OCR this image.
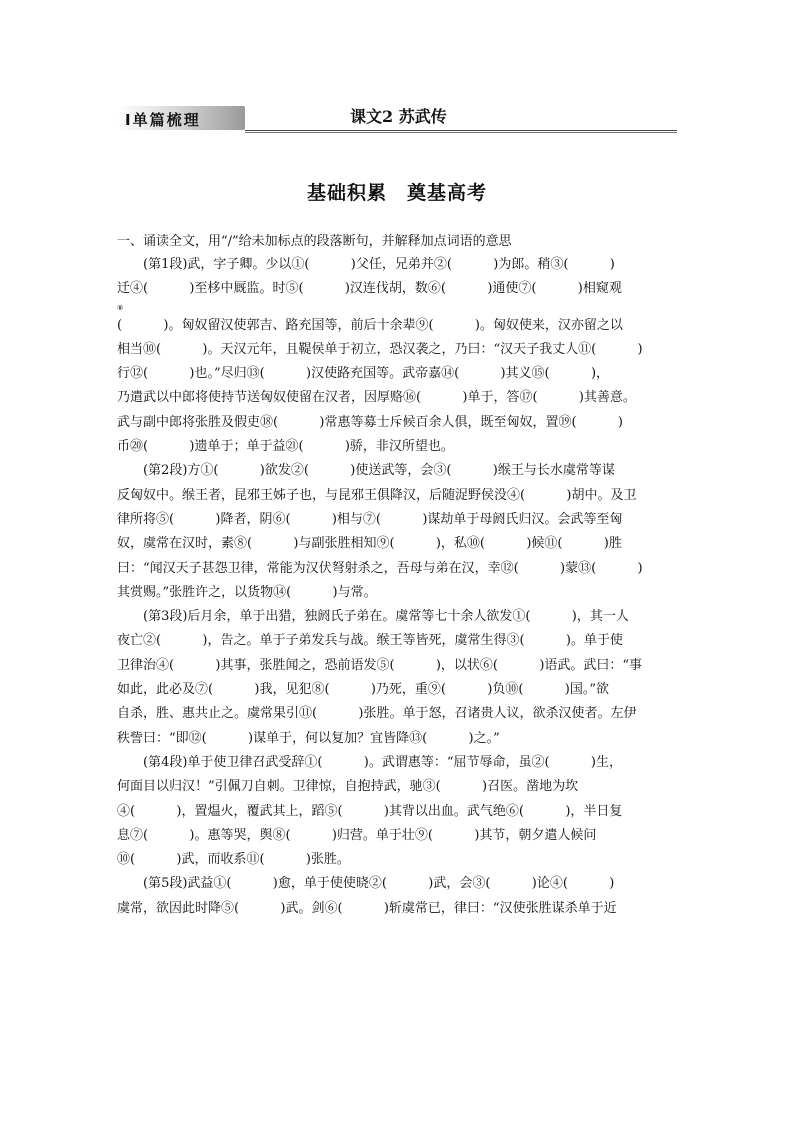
Ⅰ单篇梳理	课文2 苏武传
基础积累　奠基高考
一、诵读全文，用“/”给未加标点的段落断句，并解释加点词语的意思
(第1段)武，字子卿。少以①(          )父任，兄弟并②(          )为郎。稍③(          )
迁④(          )至栘中厩监。时⑤(          )汉连伐胡，数⑥(          )通使⑦(          )相窥观
⑧
(          )。匈奴留汉使郭吉、路充国等，前后十余辈⑨(          )。匈奴使来，汉亦留之以
相当⑩(          )。天汉元年，且鞮侯单于初立，恐汉袭之，乃曰：“汉天子我丈人⑪(          )
行⑫(          )也。”尽归⑬(          )汉使路充国等。武帝嘉⑭(          )其义⑮(          )，
乃遣武以中郎将使持节送匈奴使留在汉者，因厚赂⑯(          )单于，答⑰(          )其善意。
武与副中郎将张胜及假吏⑱(          )常惠等募士斥候百余人俱，既至匈奴，置⑲(          )
币⑳(          )遗单于；单于益㉑(          )骄，非汉所望也。
(第2段)方①(          )欲发②(          )使送武等，会③(          )缑王与长水虞常等谋
反匈奴中。缑王者，昆邪王姊子也，与昆邪王俱降汉，后随浞野侯没④(          )胡中。及卫
律所将⑤(          )降者，阴⑥(          )相与⑦(          )谋劫单于母阏氏归汉。会武等至匈
奴，虞常在汉时，素⑧(          )与副张胜相知⑨(          )，私⑩(          )候⑪(          )胜
曰：“闻汉天子甚怨卫律，常能为汉伏弩射杀之，吾母与弟在汉，幸⑫(          )蒙⑬(          )
其赏赐。”张胜许之，以货物⑭(          )与常。
(第3段)后月余，单于出猎，独阏氏子弟在。虞常等七十余人欲发①(          )，其一人
夜亡②(          )，告之。单于子弟发兵与战。缑王等皆死，虞常生得③(          )。单于使
卫律治④(          )其事，张胜闻之，恐前语发⑤(          )，以状⑥(          )语武。武曰：“事
如此，此必及⑦(          )我，见犯⑧(          )乃死，重⑨(          )负⑩(          )国。”欲
自杀，胜、惠共止之。虞常果引⑪(          )张胜。单于怒，召诸贵人议，欲杀汉使者。左伊
秩訾曰：“即⑫(          )谋单于，何以复加？宜皆降⑬(          )之。”
(第4段)单于使卫律召武受辞①(          )。武谓惠等：“屈节辱命，虽②(          )生，
何面目以归汉！”引佩刀自刺。卫律惊，自抱持武，驰③(          )召医。凿地为坎
④(          )，置煴火，覆武其上，蹈⑤(          )其背以出血。武气绝⑥(          )，半日复
息⑦(          )。惠等哭，舆⑧(          )归营。单于壮⑨(          )其节，朝夕遣人候问
⑩(          )武，而收系⑪(          )张胜。
(第5段)武益①(          )愈，单于使使晓②(          )武，会③(          )论④(          )
虞常，欲因此时降⑤(          )武。剑⑥(          )斩虞常已，律曰：“汉使张胜谋杀单于近
